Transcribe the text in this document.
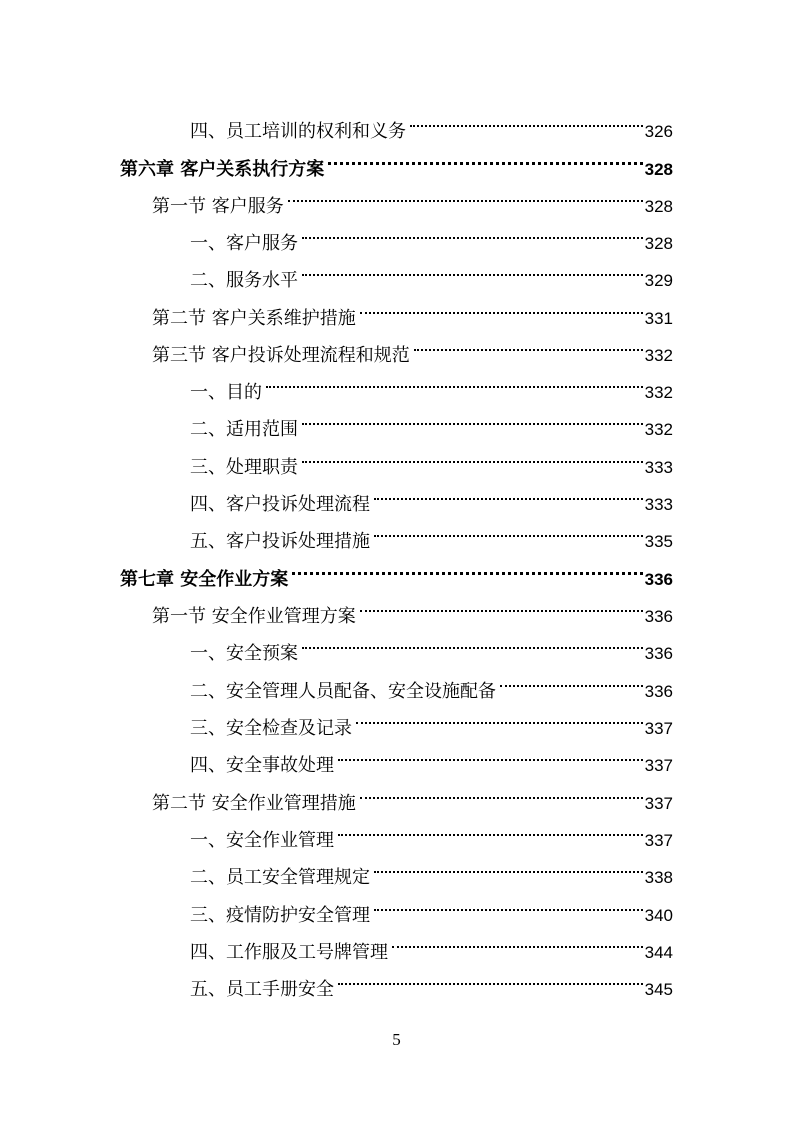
四、员工培训的权利和义务	326
第六章 客户关系执行方案	328
第一节 客户服务	328
一、客户服务	328
二、服务水平	329
第二节 客户关系维护措施	331
第三节 客户投诉处理流程和规范	332
一、目的	332
二、适用范围	332
三、处理职责	333
四、客户投诉处理流程	333
五、客户投诉处理措施	335
第七章 安全作业方案	336
第一节 安全作业管理方案	336
一、安全预案	336
二、安全管理人员配备、安全设施配备	336
三、安全检查及记录	337
四、安全事故处理	337
第二节 安全作业管理措施	337
一、安全作业管理	337
二、员工安全管理规定	338
三、疫情防护安全管理	340
四、工作服及工号牌管理	344
五、员工手册安全	345
5
